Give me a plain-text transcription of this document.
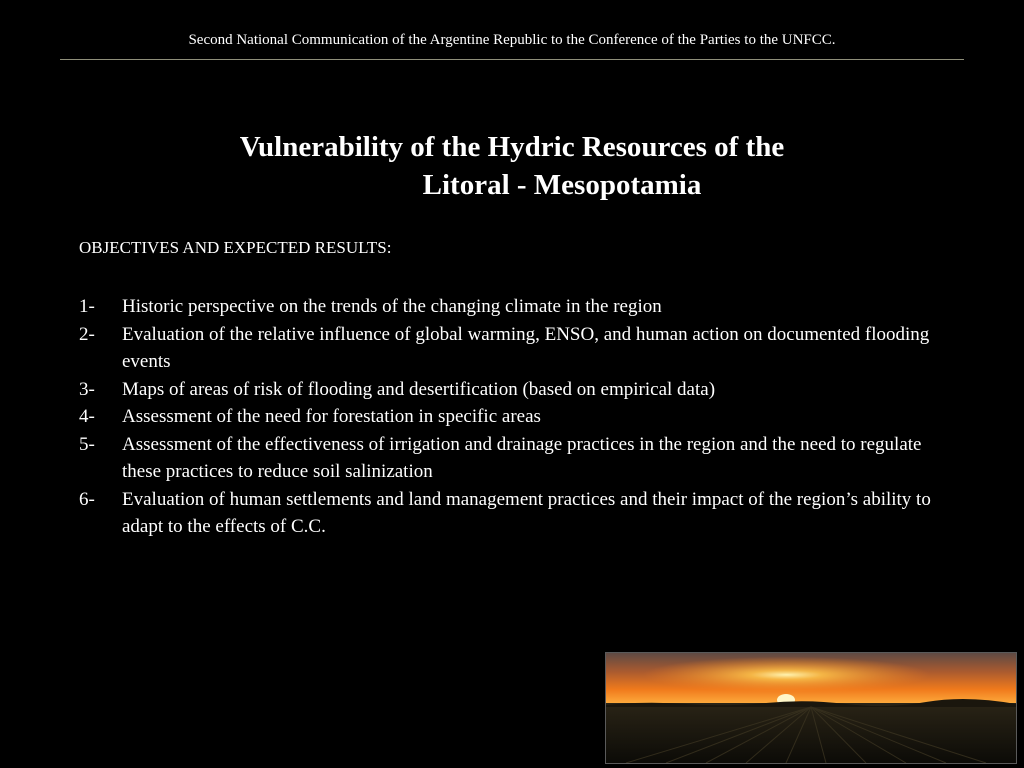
Second National Communication of the Argentine Republic to the Conference of the Parties to the UNFCC.
Vulnerability of the Hydric Resources of the
Litoral - Mesopotamia
OBJECTIVES AND EXPECTED RESULTS:
1-	Historic perspective on the trends of the changing climate in the region
2-	Evaluation of the relative influence of global warming, ENSO, and human action on documented flooding events
3-	Maps of areas of risk of flooding and desertification (based on empirical data)
4-	Assessment of the need for forestation in specific areas
5-	Assessment of the effectiveness of irrigation and drainage practices in the region and the need to regulate these practices to reduce soil salinization
6-	Evaluation of human settlements and land management practices and their impact of the region’s ability to adapt to the effects of C.C.
